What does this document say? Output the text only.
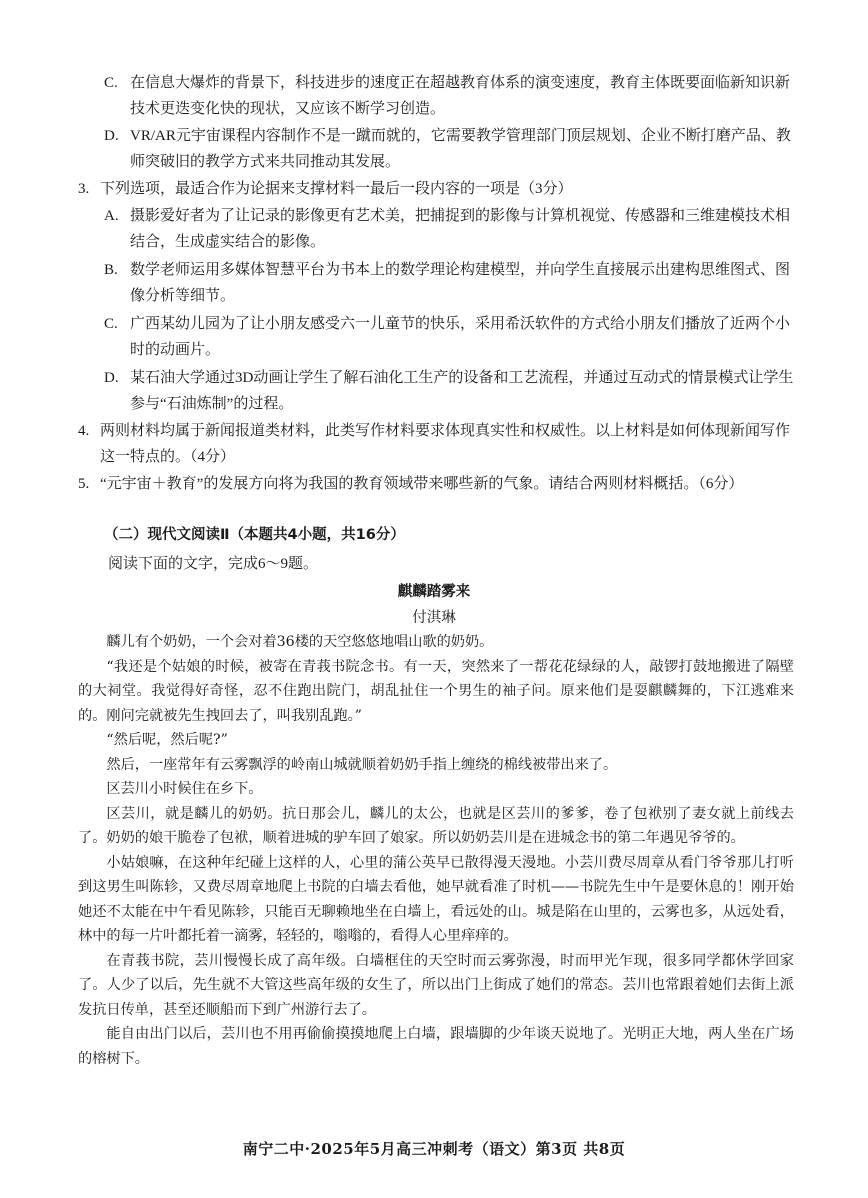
C. 在信息大爆炸的背景下，科技进步的速度正在超越教育体系的演变速度，教育主体既要面临新知识新技术更迭变化快的现状，又应该不断学习创造。
D. VR/AR元宇宙课程内容制作不是一蹴而就的，它需要教学管理部门顶层规划、企业不断打磨产品、教师突破旧的教学方式来共同推动其发展。
3. 下列选项，最适合作为论据来支撑材料一最后一段内容的一项是（3分）
A. 摄影爱好者为了让记录的影像更有艺术美，把捕捉到的影像与计算机视觉、传感器和三维建模技术相结合，生成虚实结合的影像。
B. 数学老师运用多媒体智慧平台为书本上的数学理论构建模型，并向学生直接展示出建构思维图式、图像分析等细节。
C. 广西某幼儿园为了让小朋友感受六一儿童节的快乐，采用希沃软件的方式给小朋友们播放了近两个小时的动画片。
D. 某石油大学通过3D动画让学生了解石油化工生产的设备和工艺流程，并通过互动式的情景模式让学生参与“石油炼制”的过程。
4. 两则材料均属于新闻报道类材料，此类写作材料要求体现真实性和权威性。以上材料是如何体现新闻写作这一特点的。（4分）
5. “元宇宙＋教育”的发展方向将为我国的教育领域带来哪些新的气象。请结合两则材料概括。（6分）
（二）现代文阅读Ⅱ（本题共4小题，共16分）
阅读下面的文字，完成6～9题。
麒麟踏雾来
付淇琳

麟儿有个奶奶，一个会对着36楼的天空悠悠地唱山歌的奶奶。

“我还是个姑娘的时候，被寄在青莪书院念书。有一天，突然来了一帮花花绿绿的人，敲锣打鼓地搬进了隔壁的大祠堂。我觉得好奇怪，忍不住跑出院门，胡乱扯住一个男生的袖子问。原来他们是耍麒麟舞的，下江逃难来的。刚问完就被先生拽回去了，叫我别乱跑。”

“然后呢，然后呢?”

然后，一座常年有云雾飘浮的岭南山城就顺着奶奶手指上缠绕的棉线被带出来了。

区芸川小时候住在乡下。

区芸川，就是麟儿的奶奶。抗日那会儿，麟儿的太公，也就是区芸川的爹爹，卷了包袱别了妻女就上前线去了。奶奶的娘干脆卷了包袱，顺着进城的驴车回了娘家。所以奶奶芸川是在进城念书的第二年遇见爷爷的。

小姑娘嘛，在这种年纪碰上这样的人，心里的蒲公英早已散得漫天漫地。小芸川费尽周章从看门爷爷那儿打听到这男生叫陈轸，又费尽周章地爬上书院的白墙去看他，她早就看准了时机——书院先生中午是要休息的！刚开始她还不太能在中午看见陈轸，只能百无聊赖地坐在白墙上，看远处的山。城是陷在山里的，云雾也多，从远处看，林中的每一片叶都托着一滴雾，轻轻的，嗡嗡的，看得人心里痒痒的。

在青莪书院，芸川慢慢长成了高年级。白墙框住的天空时而云雾弥漫，时而甲光乍现，很多同学都休学回家了。人少了以后，先生就不大管这些高年级的女生了，所以出门上街成了她们的常态。芸川也常跟着她们去街上派发抗日传单，甚至还顺船而下到广州游行去了。

能自由出门以后，芸川也不用再偷偷摸摸地爬上白墙，跟墙脚的少年谈天说地了。光明正大地，两人坐在广场的榕树下。

南宁二中·2025年5月高三冲刺考（语文）第3页 共8页
